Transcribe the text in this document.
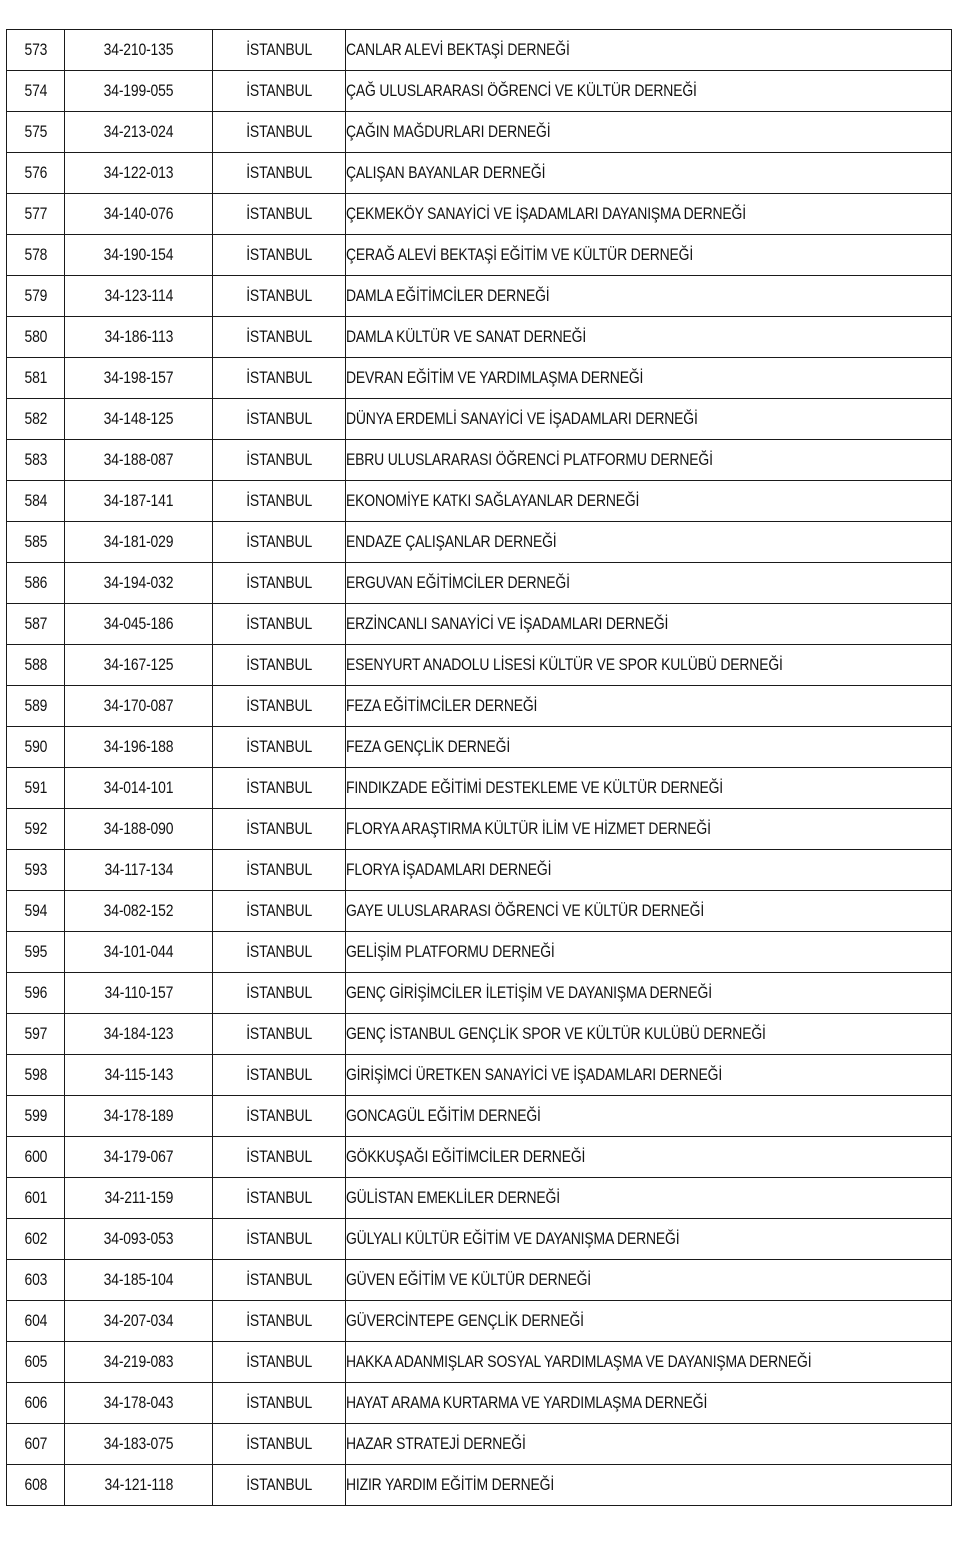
573	34-210-135	İSTANBUL	CANLAR ALEVİ BEKTAŞİ DERNEĞİ
574	34-199-055	İSTANBUL	ÇAĞ ULUSLARARASI ÖĞRENCİ VE KÜLTÜR DERNEĞİ
575	34-213-024	İSTANBUL	ÇAĞIN MAĞDURLARI DERNEĞİ
576	34-122-013	İSTANBUL	ÇALIŞAN BAYANLAR DERNEĞİ
577	34-140-076	İSTANBUL	ÇEKMEKÖY SANAYİCİ VE İŞADAMLARI DAYANIŞMA DERNEĞİ
578	34-190-154	İSTANBUL	ÇERAĞ ALEVİ BEKTAŞİ EĞİTİM VE KÜLTÜR DERNEĞİ
579	34-123-114	İSTANBUL	DAMLA EĞİTİMCİLER DERNEĞİ
580	34-186-113	İSTANBUL	DAMLA KÜLTÜR VE SANAT DERNEĞİ
581	34-198-157	İSTANBUL	DEVRAN EĞİTİM VE YARDIMLAŞMA DERNEĞİ
582	34-148-125	İSTANBUL	DÜNYA ERDEMLİ SANAYİCİ VE İŞADAMLARI DERNEĞİ
583	34-188-087	İSTANBUL	EBRU ULUSLARARASI ÖĞRENCİ PLATFORMU DERNEĞİ
584	34-187-141	İSTANBUL	EKONOMİYE KATKI SAĞLAYANLAR DERNEĞİ
585	34-181-029	İSTANBUL	ENDAZE ÇALIŞANLAR DERNEĞİ
586	34-194-032	İSTANBUL	ERGUVAN EĞİTİMCİLER DERNEĞİ
587	34-045-186	İSTANBUL	ERZİNCANLI SANAYİCİ VE İŞADAMLARI DERNEĞİ
588	34-167-125	İSTANBUL	ESENYURT ANADOLU LİSESİ KÜLTÜR VE SPOR KULÜBÜ DERNEĞİ
589	34-170-087	İSTANBUL	FEZA EĞİTİMCİLER DERNEĞİ
590	34-196-188	İSTANBUL	FEZA GENÇLİK DERNEĞİ
591	34-014-101	İSTANBUL	FINDIKZADE EĞİTİMİ DESTEKLEME VE KÜLTÜR DERNEĞİ
592	34-188-090	İSTANBUL	FLORYA ARAŞTIRMA KÜLTÜR İLİM VE HİZMET DERNEĞİ
593	34-117-134	İSTANBUL	FLORYA İŞADAMLARI DERNEĞİ
594	34-082-152	İSTANBUL	GAYE ULUSLARARASI ÖĞRENCİ VE KÜLTÜR DERNEĞİ
595	34-101-044	İSTANBUL	GELİŞİM PLATFORMU DERNEĞİ
596	34-110-157	İSTANBUL	GENÇ GİRİŞİMCİLER İLETİŞİM VE DAYANIŞMA DERNEĞİ
597	34-184-123	İSTANBUL	GENÇ İSTANBUL GENÇLİK SPOR VE KÜLTÜR KULÜBÜ DERNEĞİ
598	34-115-143	İSTANBUL	GİRİŞİMCİ ÜRETKEN SANAYİCİ VE İŞADAMLARI DERNEĞİ
599	34-178-189	İSTANBUL	GONCAGÜL EĞİTİM DERNEĞİ
600	34-179-067	İSTANBUL	GÖKKUŞAĞI EĞİTİMCİLER DERNEĞİ
601	34-211-159	İSTANBUL	GÜLİSTAN EMEKLİLER DERNEĞİ
602	34-093-053	İSTANBUL	GÜLYALI KÜLTÜR EĞİTİM VE DAYANIŞMA DERNEĞİ
603	34-185-104	İSTANBUL	GÜVEN EĞİTİM VE KÜLTÜR DERNEĞİ
604	34-207-034	İSTANBUL	GÜVERCİNTEPE GENÇLİK DERNEĞİ
605	34-219-083	İSTANBUL	HAKKA ADANMIŞLAR SOSYAL YARDIMLAŞMA VE DAYANIŞMA DERNEĞİ
606	34-178-043	İSTANBUL	HAYAT ARAMA KURTARMA VE YARDIMLAŞMA DERNEĞİ
607	34-183-075	İSTANBUL	HAZAR STRATEJİ DERNEĞİ
608	34-121-118	İSTANBUL	HIZIR YARDIM EĞİTİM DERNEĞİ
